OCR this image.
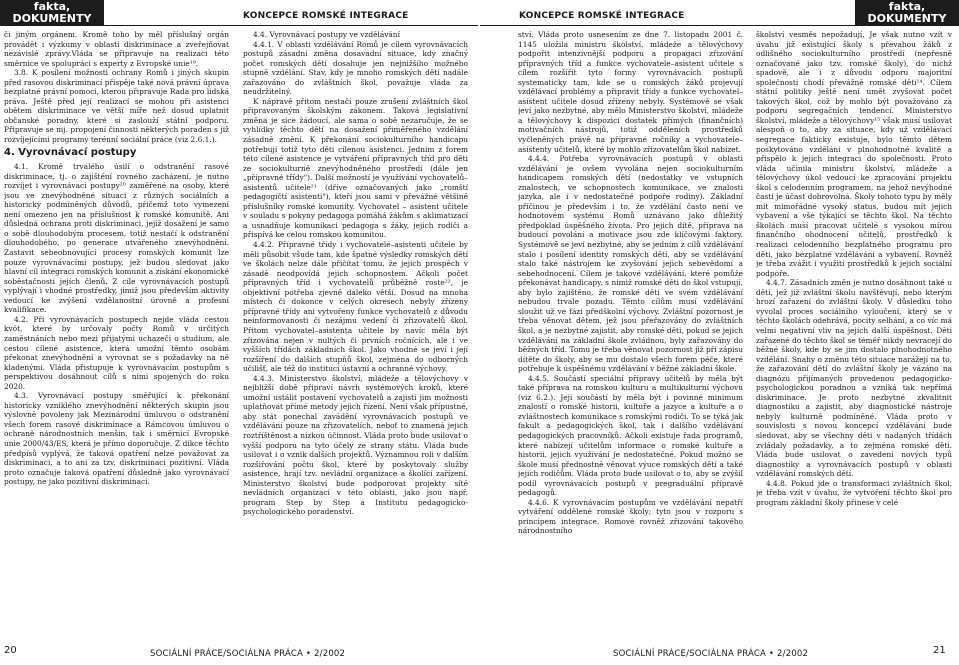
fakta,
DOKUMENTY	KONCEPCE ROMSKÉ INTEGRACE

či jiným orgánem. Kromě toho by měl příslušný orgán provádět i výzkumy v oblasti diskriminace a zveřejňovat nezávislé zprávy.Vláda se připravuje na realizaci této směrnice ve spolupráci s experty z Evropské unie¹⁹.

3.8. K posílení možnosti ochrany Romů i jiných skupin před rasovou diskriminací přispěje také nová právní úprava bezplatné právní pomoci, kterou připravuje Rada pro lidská práva. Ještě před její realizací se mohou při asistenci obětem diskriminace ve větší míře než dosud uplatnit občanské poradny, které si zaslouží státní podporu. Připravuje se mj. propojení činnosti některých poraden s již rozvíjejícími programy terénní sociální práce (viz 2.6.1.).

4. Vyrovnávací postupy

4.1. Kromě trvalého úsilí o odstranění rasové diskriminace, tj. o zajištění rovného zacházení, je nutno rozvíjet i vyrovnávací postupy²⁰ zaměřené na osoby, které jsou ve znevýhodněné situaci z různých sociálních a historicky podmíněných důvodů, přičemž toto vymezení není omezeno jen na příslušnost k romské komunitě. Ani důsledná ochrana proti diskriminaci, jejíž dosažení je samo o sobě dlouhodobým procesem, totiž nestačí k odstranění dlouhodobého, po generace utvářeného znevýhodnění. Zastavit sebeobnovující procesy romských komunit lze pouze vyrovnávacími postupy, jež budou sledovat jako hlavní cíl integraci romských komunit a získání ekonomické soběstačnosti jejích členů. Z cíle vyrovnávacích postupů vyplývají i vhodné prostředky, jimiž jsou především aktivity vedoucí ke zvýšení vzdělanostní úrovně a profesní kvalifikace.

4.2. Při vyrovnávacích postupech nejde vláda cestou kvót, které by určovaly počty Romů v určitých zaměstnáních nebo mezi přijatými uchazeči o studium, ale cestou cílené asistence, která umožní těmto osobám překonat znevýhodnění a vyrovnat se s požadavky na ně kladenými. Vláda přistupuje k vyrovnávacím postupům s perspektivou dosáhnout cílů s nimi spojených do roku 2020.

4.3. Vyrovnávací postupy směřující k překonání historicky vzniklého znevýhodnění některých skupin jsou výslovně povoleny jak Mezinárodní úmluvou o odstranění všech forem rasové diskriminace a Rámcovou úmluvou o ochraně národnostních menšin, tak i směrnicí Evropské unie 2000/43/ES, která je přímo doporučuje. Z dikce těchto předpisů vyplývá, že taková opatření nelze považovat za diskriminaci, a to ani za tzv. diskriminaci pozitivní. Vláda proto označuje taková opatření důsledně jako vyrovnávací postupy, ne jako pozitivní diskriminaci.

4.4. Vyrovnávací postupy ve vzdělávání

4.4.1. V oblasti vzdělávání Romů je cílem vyrovnávacích postupů zásadní změna dosavadní situace, kdy značný počet romských dětí dosahuje jen nejnižšího možného stupně vzdělání. Stav, kdy je mnoho romských dětí nadále zařazováno do zvláštních škol, považuje vláda za neudržitelný.

K nápravě přitom nestačí pouze zrušení zvláštních škol připravovaným školským zákonem. Taková legislativní změna je sice žádoucí, ale sama o sobě nezaručuje, že se vyhlídky těchto dětí na dosažení přiměřeného vzdělání zásadně změní. K překonání sociokulturního handicapu potřebují totiž tyto děti cílenou asistenci. Jedním z forem této cílené asistence je vytváření přípravných tříd pro děti ze sociokulturně znevýhodněného prostředí (dále jen „přípravné třídy"). Další možností je využívání vychovatelů–asistentů učitele²¹ (dříve označovaných jako „romští pedagogičtí asistenti"), kteří jsou sami v převážné většině příslušníky romské komunity. Vychovatel – asistent učitele v souladu s pokyny pedagoga pomáhá žákům s aklimatizací a usnadňuje komunikaci pedagoga s žáky, jejich rodiči a přispívá ke celou romskou komunitou.

4.4.2. Přípravné třídy i vychovatelé–asistenti učitele by měli působit všude tam, kde špatné výsledky romských dětí ve školách nelze dále přičítat tomu, že jejich prospěch v zásadě neodpovídá jejich schopnostem. Ačkoli počet přípravných tříd i vychovatelů průběžně roste²², je objektivní potřeba zjevně daleko větší. Dosud na mnoha místech či dokonce v celých okresech nebyly zřízeny přípravné třídy ani vytvořeny funkce vychovatelů z důvodu neinformovanosti či nezájmu vedení či zřizovatelů škol. Přitom vychovatel–asistenta učitele by navíc měla být zřizována nejen v nultých či prvních ročnících, ale i ve vyšších třídách základních škol. Jako vhodné se jeví i její rozšíření do dalších stupňů škol, zejména do odborných učilišť, ale též do institucí ústavní a ochranné výchovy.

4.4.3. Ministerstvo školství, mládeže a tělovýchovy v nejbližší době připraví návrh systémových kroků, které umožní ustálit postavení vychovatelů a zajistí jim možnosti uplatňovat přímé metody jejich řízení. Není však přípustné, aby stát ponechal zavádění vyrovnávacích postupů ve vzdělávání pouze na zřizovatelích, neboť to znamená jejich roztříštěnost a nízkou účinnost. Vláda proto bude usilovat o vyšší podporu na tyto účely ze strany státu. Vláda bude usilovat i o vznik dalších projektů. Významnou roli v dalším rozšiřování počtu škol, které by poskytovaly služby asistence, hrají tzv. nevládní organizace a školící zařízení. Ministerstvo školství bude podporovat projekty sítě nevládních organizací v této oblasti, jako jsou např. program Step by Step a Institutu pedagogicko-psychologického poradenství.

20	SOCIÁLNÍ PRÁCE/SOCIÁLNA PRÁCA • 2/2002
KONCEPCE ROMSKÉ INTEGRACE
fakta,
DOKUMENTY

ství. Vláda proto usnesením ze dne 7. listopadu 2001 č. 1145 uložila ministru školství, mládeže a tělovýchovy podpořit intenzivnější podporu a propagaci zřizování přípravných tříd a funkce vychovatele–asistent učitele s cílem rozšířit tyto formy vyrovnávacích postupů systematicky tam, kde se u romských žáků projevují vzdělávací problémy a připravit třídy a funkce vychovatel–asistent učitele dosud zřízeny nebyly. Systémově se však jeví jako nezbytné, aby mělo Ministerstvo školství, mládeže a tělovýchovy k dispozici dostatek přímých (finančních) motivačních nástrojů, totiž odděleních prostředků vyčleněných právě na přípravné ročníky a vychovatele–asistenty učitelů, které by mohlo zřizovatelům škol nabízet.

4.4.4. Potřeba vyrovnávacích postupů v oblasti vzdělávání je ovšem vyvolána nejen sociokulturním handicapem romských dětí (nedostatky ve vstupních znalostech, ve schopnostech komunikace, ve znalosti jazyka, ale i v nedostatečné podpoře rodiny). Základní příčinou je především i to, že vzdělání často není ve hodnotovém systému Romů uznáváno jako důležitý předpoklad úspěšného života. Pro jejich dítě, příprava na budoucí povolání a motivace jsou zde klíčovými faktory. Systémově se jeví nezbytné, aby se jedním z cílů vzdělávání stalo i posílení identity romských dětí, aby se vzdělávání stalo také nástrojem ke zvyšování jejich sebevědomí a sebehodnocení. Cílem je takové vzdělávání, které pomůže překonávat handicapy, s nimiž romské děti do škol vstupují, aby bylo zajištěno, že romské děti ve svém vzdělávání nebudou trvale pozadu. Těmto cílům musí vzdělávání sloužit už ve fázi předškolní výchovy. Zvláštní pozornost je třeba věnovat dětem, jež jsou přeřazovány do zvláštních škol, a je nezbytné zajistit, aby romské děti, pokud se jejich vzdělávání na základní škole zvládnou, byly zařazovány do běžných tříd. Tomu je třeba věnovat pozornost již při zápisu dítěte do školy, aby se mu dostalo všech forem péče, které potřebuje k úspěšnému vzdělávání v běžné základní škole.

4.4.5. Součástí speciální přípravy učitelů by měla být také příprava na romskou kulturu a multikulturní výchovu (viz 6.2.). Její součástí by měla být i povinné minimum znalostí o romské historii, kultuře a jazyce a kultuře a o zvláštnostech komunikace s romskými rodiči. To se týká jak fakult a pedagogických škol, tak i dalšího vzdělávání pedagogických pracovníků. Ačkoli existuje řada programů, které nabízejí učitelům informace o romské kultuře a historii, jejich využívání je nedostatečné. Pokud možno se škole musí přednostně věnovat výuce romských dětí a také jejich rodičům. Vláda proto bude usilovat o to, aby se zvýšil podíl vyrovnávacích postupů v pregraduální přípravě pedagogů.

4.4.6. K vyrovnávacím postupům ve vzdělávání nepatří vytváření oddělené romské školy; tyto jsou v rozporu s principem integrace. Romové rovněž zřizování takového národnostního

školství vesměs nepožadují. Je však nutno vzít v úvahu již existující školy s převahou žáků z odlišného sociokulturního prostředí (nepřesně označované jako tzv. romské školy), do nichž spadově, ale i z důvodu odporu majoritní společnosti chodí převážně romské děti¹⁴. Cílem státní politiky ještě není umět zvyšovat počet takových škol, což by mohlo být považováno za podporu segregačních tendencí. Ministerstvo školství, mládeže a tělovýchovy¹⁵ však musí usilovat alespoň o to, aby za situace, kdy už vzdělávací segregace fakticky existuje, bylo těmto dětem poskytováno vzdělání v plnohodnotné kvalitě a přispělo k jejich integraci do společnosti. Proto vláda učinila ministru školství, mládeže a tělovýchovy úkol vedoucí ke zpracování projektu škol s celodenním programem, na jehož nevýhodné časti je účast dobrovolná. Školy tohoto typu by měly mít mimořádné vysoký status, budou mít jejich vybavení a vše týkající se těchto škol. Na těchto školách musí pracovat učitelé s vysokou mírou finančního ohodnocení učitelů, prostředků k realizaci celodenního bezplatného programu pro děti, jako bezplatné vzdělávání a vybavení. Rovněž je třeba zvážit i využití prostředků k jejich sociální podpoře.

4.4.7. Zásadních změn je nutno dosáhnout také u dětí, jež již zvláštní školu navštěvují, nebo kterým hrozí zařazení do zvláštní školy. V důsledku toho vyvolal proces sociálního vyloučení, který se v těchto školách odehrává, pocity selhání, a co víc má velmi negativní vliv na jejich další úspěšnost. Děti zařazené do těchto škol se téměř nikdy nevracejí do běžné školy, kde by se jim dostalo plnohodnotného vzdělání. Snahy o změnu této situace narážejí na to, že zařazování dětí do zvláštní školy je vázáno na diagnózu přijímaných provedenou pedagogicko-psychologickou poradnou a vzniká tak nepřímá diskriminace. Je proto nezbytné zkvalitnit diagnostiku a zajistit, aby diagnostické nástroje nebyly kulturně podmíněné. Vláda proto v souvislosti s novou koncepcí vzdělávání bude sledovat, aby se všechny děti v nadaných třídách zvládaly požadavky, a to zejména romské děti. Vláda bude usilovat o zavedení nových typů diagnostiky a vyrovnávacích postupů v oblasti vzdělávání romských dětí.

4.4.8. Pokud jde o transformaci zvláštních škol, je třeba vzít v úvahu, že vytvoření těchto škol pro program základní školy přinese v celé

SOCIÁLNÍ PRÁCE/SOCIÁLNA PRÁCA • 2/2002	21
